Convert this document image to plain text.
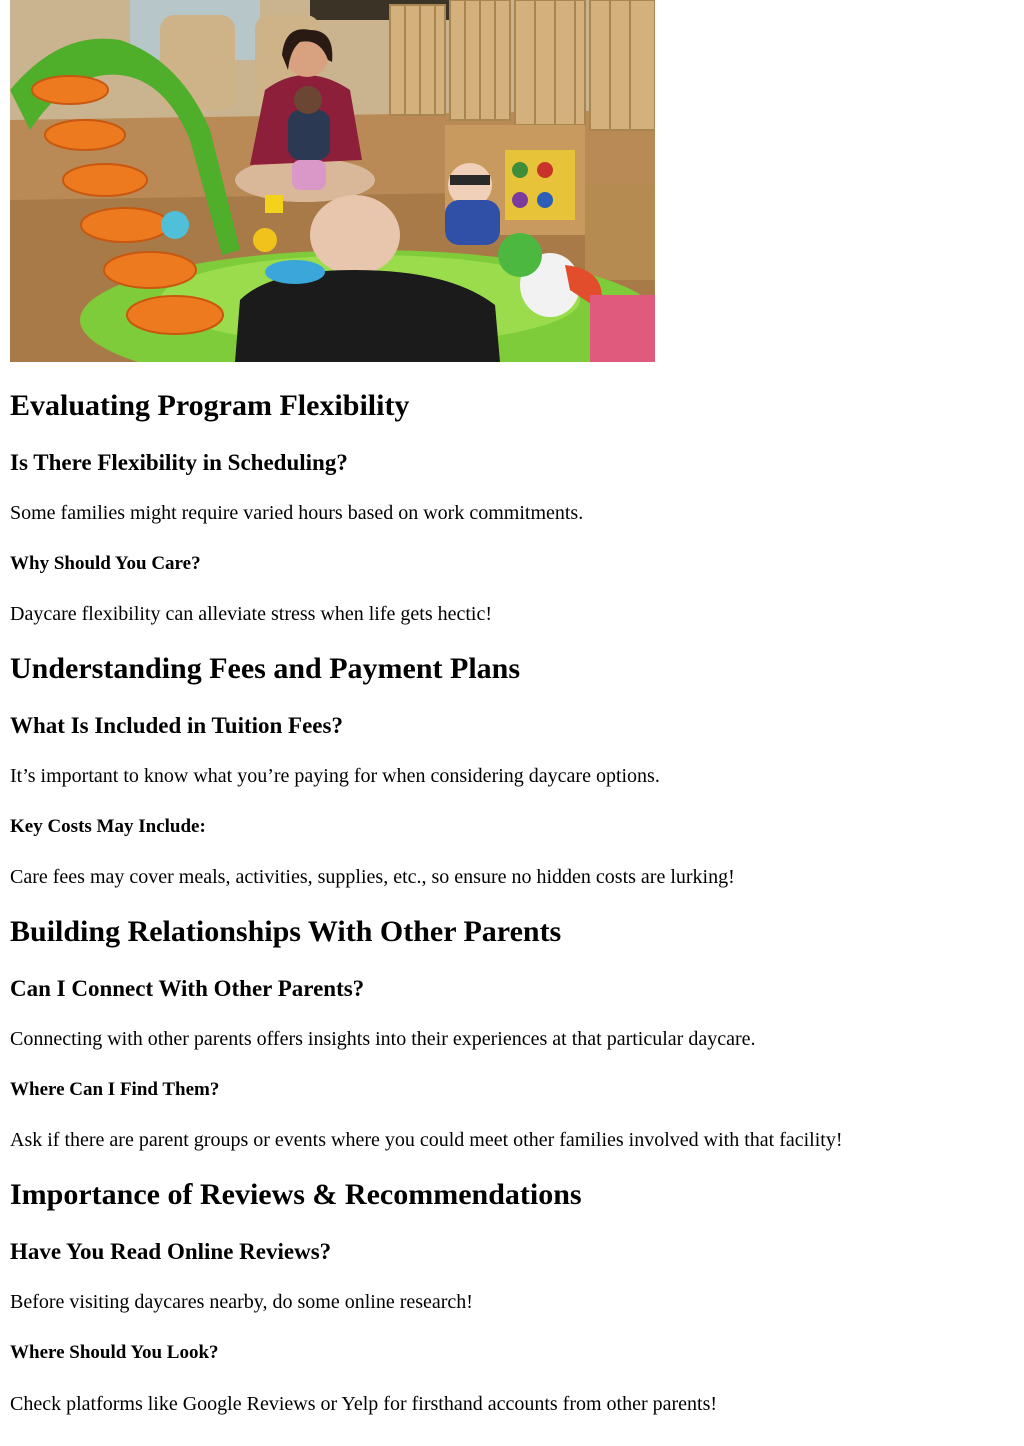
Evaluating Program Flexibility
Is There Flexibility in Scheduling?

Some families might require varied hours based on work commitments.

Why Should You Care?

Daycare flexibility can alleviate stress when life gets hectic!

Understanding Fees and Payment Plans
What Is Included in Tuition Fees?

It’s important to know what you’re paying for when considering daycare options.

Key Costs May Include:

Care fees may cover meals, activities, supplies, etc., so ensure no hidden costs are lurking!

Building Relationships With Other Parents
Can I Connect With Other Parents?

Connecting with other parents offers insights into their experiences at that particular daycare.

Where Can I Find Them?

Ask if there are parent groups or events where you could meet other families involved with that facility!

Importance of Reviews & Recommendations
Have You Read Online Reviews?

Before visiting daycares nearby, do some online research!

Where Should You Look?

Check platforms like Google Reviews or Yelp for firsthand accounts from other parents!
